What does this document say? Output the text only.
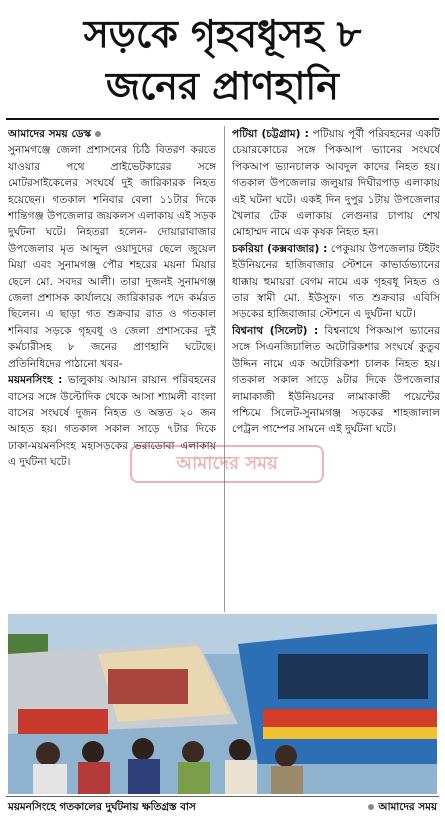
সড়কে গৃহবধূসহ ৮
জনের প্রাণহানি

আমাদের সময় ডেস্ক

সুনামগঞ্জে জেলা প্রশাসনের চিঠি বিতরণ করতে যাওয়ার পথে প্রাইভেটকারের সঙ্গে মোটরসাইকেলের সংঘর্ষে দুই জারিকারক নিহত হয়েছেন। গতকাল শনিবার বেলা ১১টার দিকে শান্তিগঞ্জ উপজেলার জয়কলস এলাকায় এই সড়ক দুর্ঘটনা ঘটে। নিহতরা হলেন- দোয়ারাবাজার উপজেলার মৃত আব্দুল ওয়াদুদের ছেলে জুয়েল মিয়া এবং সুনামগঞ্জ পৌর শহরের ময়না মিয়ার ছেলে মো. সবদর আলী। তারা দুজনই সুনামগঞ্জ জেলা প্রশাসক কার্যালয়ে জারিকারক পদে কর্মরত ছিলেন। এ ছাড়া গত শুক্রবার রাত ও গতকাল শনিবার সড়কে গৃহবধূ ও জেলা প্রশাসকের দুই কর্মচারীসহ ৮ জনের প্রাণহানি ঘটেছে। প্রতিনিধিদের পাঠানো খবর-

ময়মনসিংহ : ভালুকায় আয়ান রায়ান পরিবহনের বাসের সঙ্গে উল্টোদিক থেকে আসা শ্যামলী বাংলা বাসের সংঘর্ষে দুজন নিহত ও অন্তত ২০ জন আহত হয়। গতকাল সকাল সাড়ে ৭টার দিকে ঢাকা-ময়মনসিংহ মহাসড়কের ভরাডোবা এলাকায় এ দুর্ঘটনা ঘটে।

পটিয়া (চট্টগ্রাম) : পটিয়ায় পূর্বী পরিবহনের একটি চেয়ারকোচের সঙ্গে পিকআপ ভ্যানের সংঘর্ষে পিকআপ ভ্যানচালক আবদুল কাদের নিহত হয়। গতকাল উপজেলার জলুয়ার দিঘীরপাড় এলাকায় এই ঘটনা ঘটে। একই দিন দুপুর ১টায় উপজেলার খৈলার টেক এলাকায় লেগুনার চাপায় শেখ মোহাম্মদ নামে এক কৃষক নিহত হন।

চকরিয়া (কক্সবাজার) : পেকুয়ায় উপজেলার টইটং ইউনিয়নের হাজিবাজার স্টেশনে কাভার্ডভ্যানের ধাক্কায় হুমায়রা বেগম নামে এক গৃহবধূ নিহত ও তার স্বামী মো. ইউসুফ। গত শুক্রবার এবিসি সড়কের হাজিবাজার স্টেশনে এ দুর্ঘটনা ঘটে।

বিশ্বনাথ (সিলেট) : বিশ্বনাথে পিকআপ ভ্যানের সঙ্গে সিএনজিচালিত অটোরিকশার সংঘর্ষে কুতুব উদ্দিন নামে এক অটোরিকশা চালক নিহত হয়। গতকাল সকাল সাড়ে ৯টার দিকে উপজেলার লামাকাজী ইউনিয়নের লামাকাজী পয়েন্টের পশ্চিমে সিলেট-সুনামগঞ্জ সড়কের শাহজালাল পেট্রল পাম্পের সামনে এই দুর্ঘটনা ঘটে।

আমাদের সময়
ময়মনসিংহে গতকালের দুর্ঘটনায় ক্ষতিগ্রস্ত বাস	আমাদের সময়
